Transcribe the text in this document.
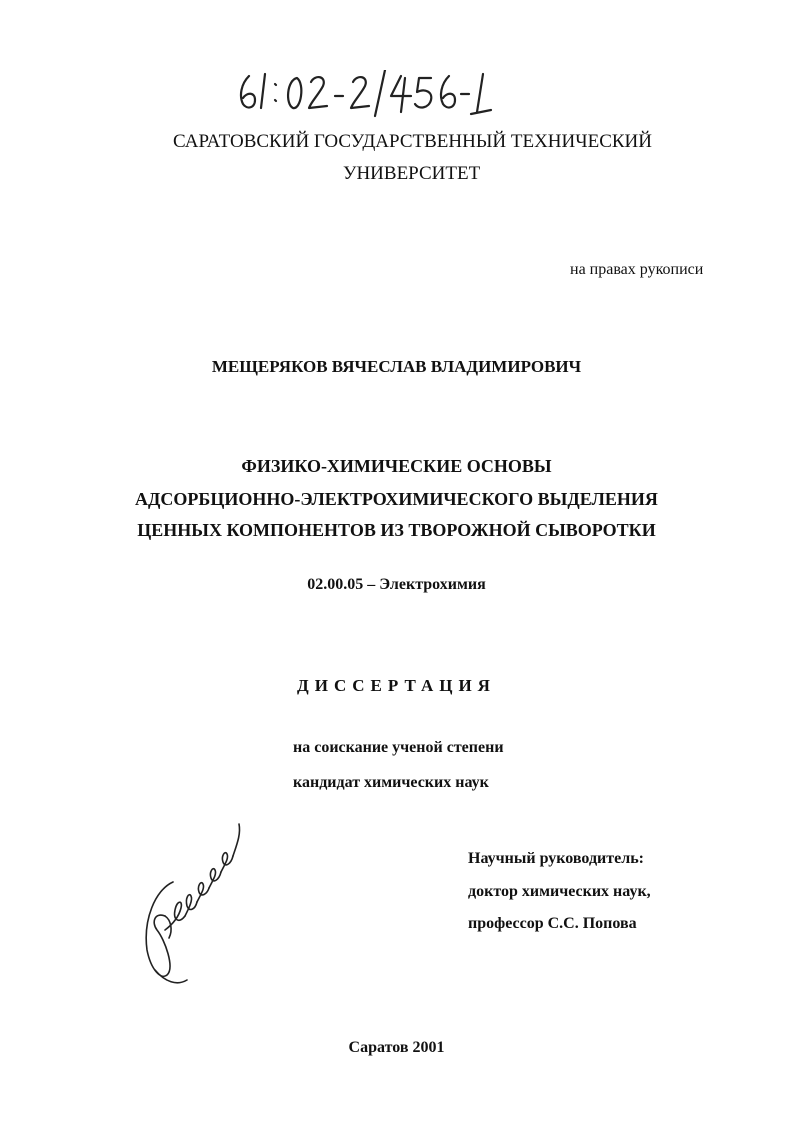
САРАТОВСКИЙ ГОСУДАРСТВЕННЫЙ ТЕХНИЧЕСКИЙ
УНИВЕРСИТЕТ
на правах рукописи
МЕЩЕРЯКОВ ВЯЧЕСЛАВ ВЛАДИМИРОВИЧ
ФИЗИКО-ХИМИЧЕСКИЕ ОСНОВЫ
АДСОРБЦИОННО-ЭЛЕКТРОХИМИЧЕСКОГО ВЫДЕЛЕНИЯ
ЦЕННЫХ КОМПОНЕНТОВ ИЗ ТВОРОЖНОЙ СЫВОРОТКИ
02.00.05 – Электрохимия
ДИССЕРТАЦИЯ
на соискание ученой степени
кандидат химических наук
Научный руководитель:
доктор химических наук,
профессор С.С. Попова
Саратов 2001
